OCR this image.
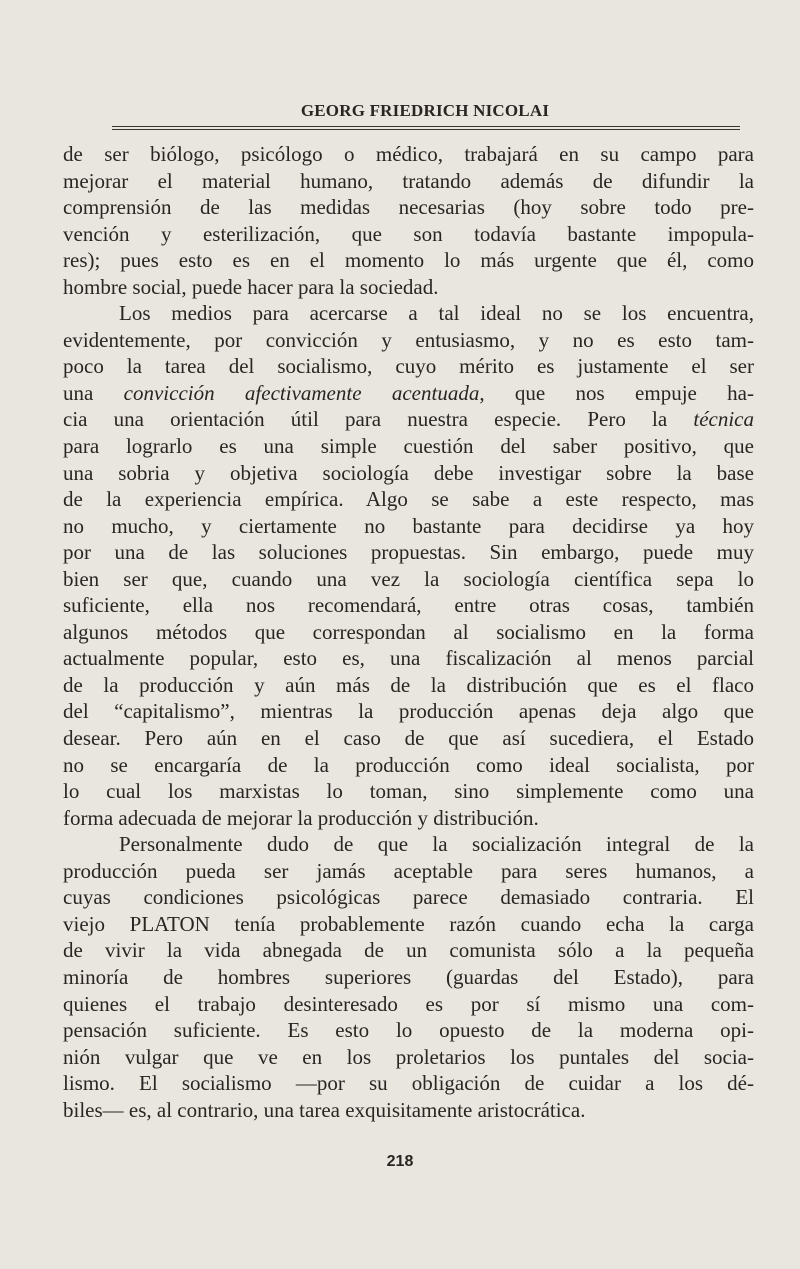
GEORG FRIEDRICH NICOLAI
de ser biólogo, psicólogo o médico, trabajará en su campo para
mejorar el material humano, tratando además de difundir la
comprensión de las medidas necesarias (hoy sobre todo pre-
vención y esterilización, que son todavía bastante impopula-
res); pues esto es en el momento lo más urgente que él, como
hombre social, puede hacer para la sociedad.
Los medios para acercarse a tal ideal no se los encuentra,
evidentemente, por convicción y entusiasmo, y no es esto tam-
poco la tarea del socialismo, cuyo mérito es justamente el ser
una convicción afectivamente acentuada, que nos empuje ha-
cia una orientación útil para nuestra especie. Pero la técnica
para lograrlo es una simple cuestión del saber positivo, que
una sobria y objetiva sociología debe investigar sobre la base
de la experiencia empírica. Algo se sabe a este respecto, mas
no mucho, y ciertamente no bastante para decidirse ya hoy
por una de las soluciones propuestas. Sin embargo, puede muy
bien ser que, cuando una vez la sociología científica sepa lo
suficiente, ella nos recomendará, entre otras cosas, también
algunos métodos que correspondan al socialismo en la forma
actualmente popular, esto es, una fiscalización al menos parcial
de la producción y aún más de la distribución que es el flaco
del “capitalismo”, mientras la producción apenas deja algo que
desear. Pero aún en el caso de que así sucediera, el Estado
no se encargaría de la producción como ideal socialista, por
lo cual los marxistas lo toman, sino simplemente como una
forma adecuada de mejorar la producción y distribución.
Personalmente dudo de que la socialización integral de la
producción pueda ser jamás aceptable para seres humanos, a
cuyas condiciones psicológicas parece demasiado contraria. El
viejo PLATON tenía probablemente razón cuando echa la carga
de vivir la vida abnegada de un comunista sólo a la pequeña
minoría de hombres superiores (guardas del Estado), para
quienes el trabajo desinteresado es por sí mismo una com-
pensación suficiente. Es esto lo opuesto de la moderna opi-
nión vulgar que ve en los proletarios los puntales del socia-
lismo. El socialismo —por su obligación de cuidar a los dé-
biles— es, al contrario, una tarea exquisitamente aristocrática.
218
